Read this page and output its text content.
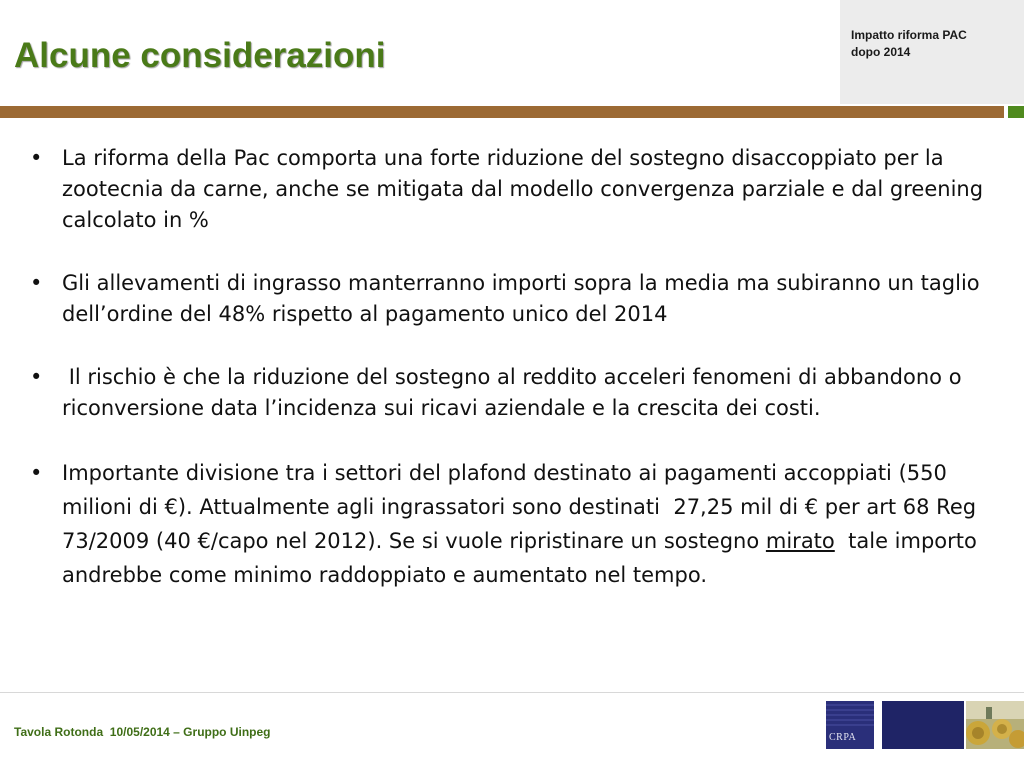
Alcune considerazioni
Impatto riforma PAC
dopo 2014
• La riforma della Pac comporta una forte riduzione del sostegno disaccoppiato per la zootecnia da carne, anche se mitigata dal modello convergenza parziale e dal greening calcolato in %
• Gli allevamenti di ingrasso manterranno importi sopra la media ma subiranno un taglio dell’ordine del 48% rispetto al pagamento unico del 2014
• Il rischio è che la riduzione del sostegno al reddito acceleri fenomeni di abbandono o riconversione data l’incidenza sui ricavi aziendale e la crescita dei costi.
• Importante divisione tra i settori del plafond destinato ai pagamenti accoppiati (550 milioni di €). Attualmente agli ingrassatori sono destinati  27,25 mil di € per art 68 Reg 73/2009 (40 €/capo nel 2012). Se si vuole ripristinare un sostegno mirato  tale importo andrebbe come minimo raddoppiato e aumentato nel tempo.
Tavola Rotonda  10/05/2014 – Gruppo Uinpeg	CRPA
